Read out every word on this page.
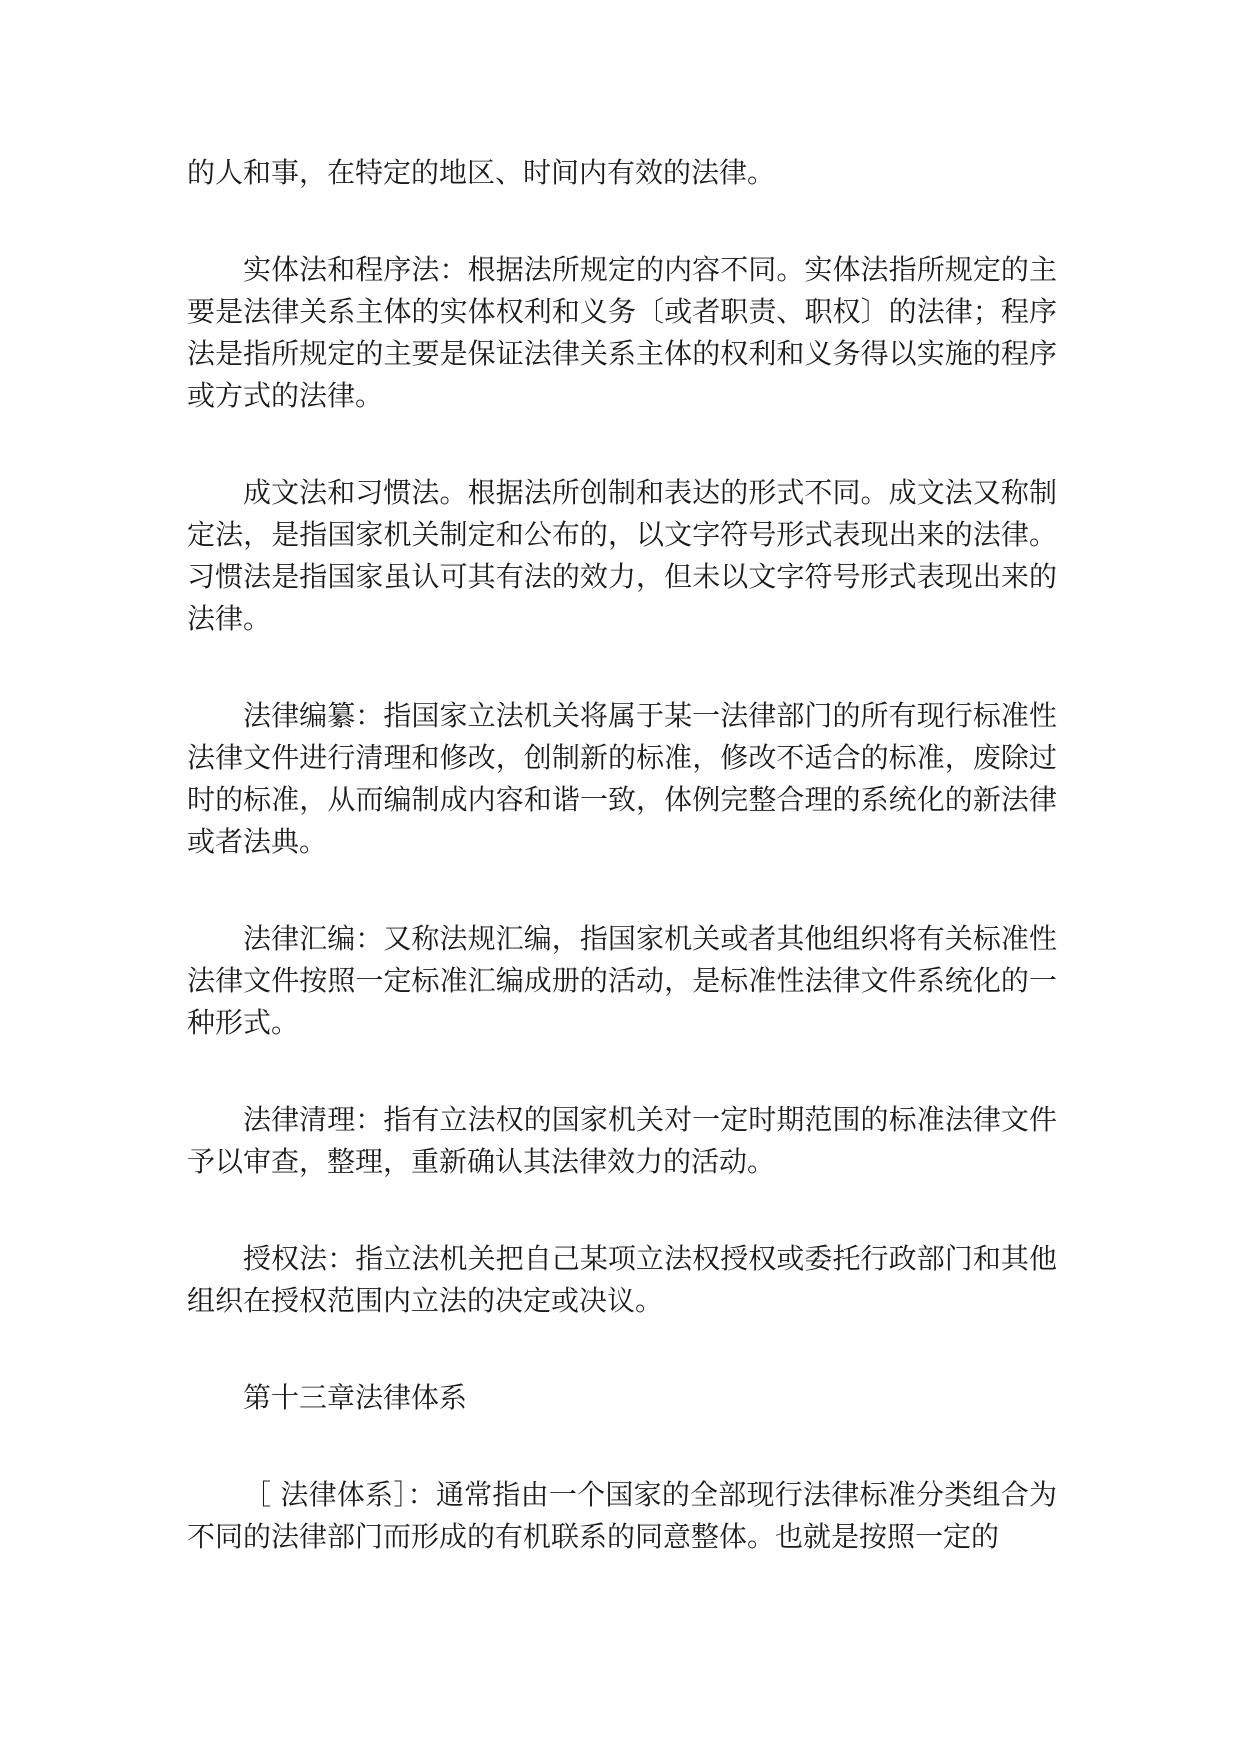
的人和事，在特定的地区、时间内有效的法律。

实体法和程序法：根据法所规定的内容不同。实体法指所规定的主要是法律关系主体的实体权利和义务〔或者职责、职权〕的法律；程序法是指所规定的主要是保证法律关系主体的权利和义务得以实施的程序或方式的法律。

成文法和习惯法。根据法所创制和表达的形式不同。成文法又称制定法，是指国家机关制定和公布的，以文字符号形式表现出来的法律。习惯法是指国家虽认可其有法的效力，但未以文字符号形式表现出来的法律。

法律编纂：指国家立法机关将属于某一法律部门的所有现行标准性法律文件进行清理和修改，创制新的标准，修改不适合的标准，废除过时的标准，从而编制成内容和谐一致，体例完整合理的系统化的新法律或者法典。

法律汇编：又称法规汇编，指国家机关或者其他组织将有关标准性法律文件按照一定标准汇编成册的活动，是标准性法律文件系统化的一种形式。

法律清理：指有立法权的国家机关对一定时期范围的标准法律文件予以审查，整理，重新确认其法律效力的活动。

授权法：指立法机关把自己某项立法权授权或委托行政部门和其他组织在授权范围内立法的决定或决议。

第十三章法律体系

［ 法律体系］：通常指由一个国家的全部现行法律标准分类组合为不同的法律部门而形成的有机联系的同意整体。也就是按照一定的
